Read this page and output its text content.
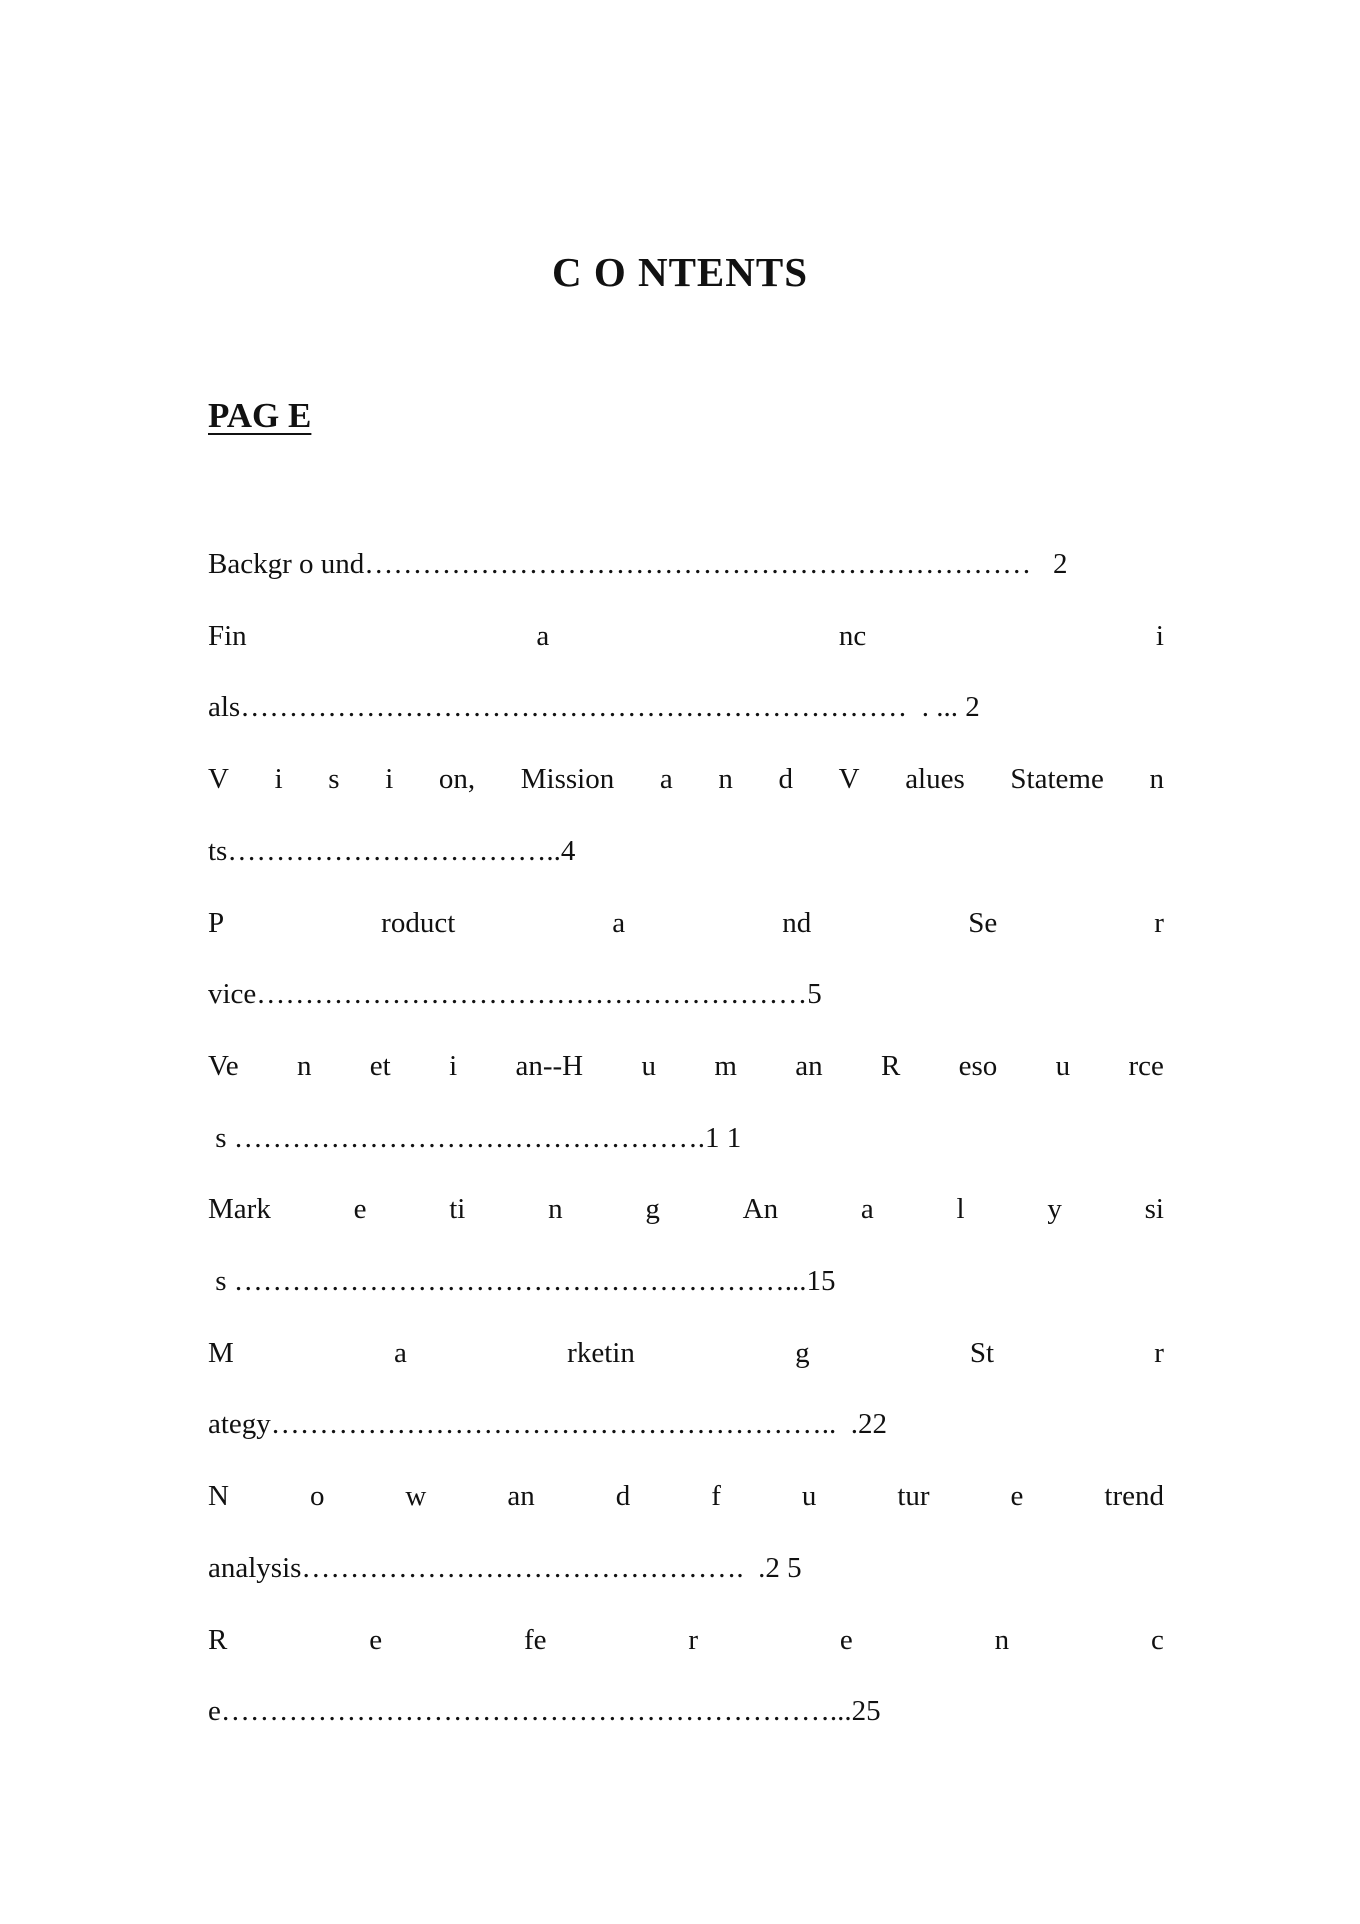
C O NTENTS
PAG E
Backgr o und……………………………………………………………   2
Fin	a	nc	i
als……………………………………………………………  . ... 2
V i s i on, Mission a n d V alues Stateme n
ts……………………………..4
P	roduct	a	nd	Se	r
vice…………………………………………………5
Ve n et i an--H u m an R eso u rce
s ………………………………………….1 1
Mark	e	ti	n	g	An	a	l	y	si
s …………………………………………………...15
M	a	rketin	g	St	r
ategy…………………………………………………..  .22
N	o	w	an	d	f	u	tur	e	trend
analysis……………………………………….  .2 5
R	e	fe	r	e	n	c
e………………………………………………………...25
